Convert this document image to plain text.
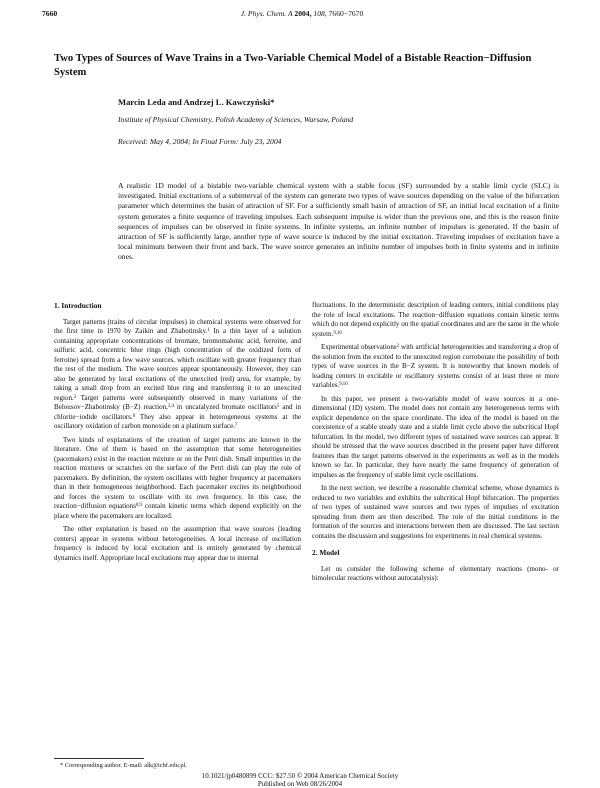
7660	J. Phys. Chem. A 2004, 108, 7660−7670
Two Types of Sources of Wave Trains in a Two-Variable Chemical Model of a Bistable Reaction−Diffusion System
Marcin Leda and Andrzej L. Kawczyński*
Institute of Physical Chemistry, Polish Academy of Sciences, Warsaw, Poland
Received: May 4, 2004; In Final Form: July 23, 2004
A realistic 1D model of a bistable two-variable chemical system with a stable focus (SF) surrounded by a stable limit cycle (SLC) is investigated. Initial excitations of a subinterval of the system can generate two types of wave sources depending on the value of the bifurcation parameter which determines the basin of attraction of SF. For a sufficiently small basin of attraction of SF, an initial local excitation of a finite system generates a finite sequence of traveling impulses. Each subsequent impulse is wider than the previous one, and this is the reason finite sequences of impulses can be observed in finite systems. In infinite systems, an infinite number of impulses is generated. If the basin of attraction of SF is sufficiently large, another type of wave source is induced by the initial excitation. Traveling impulses of excitation have a local minimum between their front and back. The wave source generates an infinite number of impulses both in finite systems and in infinite ones.
1. Introduction

Target patterns (trains of circular impulses) in chemical systems were observed for the first time in 1970 by Zaikin and Zhabotinsky.$^1$ In a thin layer of a solution containing appropriate concentrations of bromate, bromomalonic acid, ferroine, and sulfuric acid, concentric blue rings (high concentration of the oxidized form of ferroine) spread from a few wave sources, which oscillate with greater frequency than the rest of the medium. The wave sources appear spontaneously. However, they can also be generated by local excitations of the unexcited (red) area, for example, by taking a small drop from an excited blue ring and transferring it to an unexcited region.$^2$ Target patterns were subsequently observed in many variations of the Belousov−Zhabotinsky (B−Z) reaction,$^{3,4}$ in uncatalyzed bromate oscillators$^5$ and in chlorite−iodide oscillators.$^6$ They also appear in heterogeneous systems at the oscillatory oxidation of carbon monoxide on a platinum surface.$^7$

Two kinds of explanations of the creation of target patterns are known in the literature. One of them is based on the assumption that some heterogeneities (pacemakers) exist in the reaction mixture or on the Petri dish. Small impurities in the reaction mixtures or scratches on the surface of the Petri dish can play the role of pacemakers. By definition, the system oscillates with higher frequency at pacemakers than in their homogeneous neighborhood. Each pacemaker excites its neighborhood and forces the system to oscillate with its own frequency. In this case, the reaction−diffusion equations$^{8,9}$ contain kinetic terms which depend explicitly on the place where the pacemakers are localized.

The other explanation is based on the assumption that wave sources (leading centers) appear in systems without heterogeneities. A local increase of oscillation frequency is induced by local excitation and is entirely generated by chemical dynamics itself. Appropriate local excitations may appear due to internal

fluctuations. In the deterministic description of leading centers, initial conditions play the role of local excitations. The reaction−diffusion equations contain kinetic terms which do not depend explicitly on the spatial coordinates and are the same in the whole system.$^{9,10}$

Experimental observations$^2$ with artificial heterogeneities and transferring a drop of the solution from the excited to the unexcited region corroborate the possibility of both types of wave sources in the B−Z system. It is noteworthy that known models of leading centers in excitable or oscillatory systems consist of at least three or more variables.$^{9,10}$

In this paper, we present a two-variable model of wave sources in a one-dimensional (1D) system. The model does not contain any heterogeneous terms with explicit dependence on the space coordinate. The idea of the model is based on the coexistence of a stable steady state and a stable limit cycle above the subcritical Hopf bifurcation. In the model, two different types of sustained wave sources can appear. It should be stressed that the wave sources described in the present paper have different features than the target patterns observed in the experiments as well as in the models known so far. In particular, they have nearly the same frequency of generation of impulses as the frequency of stable limit cycle oscillations.

In the next section, we describe a reasonable chemical scheme, whose dynamics is reduced to two variables and exhibits the subcritical Hopf bifurcation. The properties of two types of sustained wave sources and two types of impulses of excitation spreading from them are then described. The role of the initial conditions in the formation of the sources and interactions between them are discussed. The last section contains the discussion and suggestions for experiments in real chemical systems.

2. Model

Let us consider the following scheme of elementary reactions (mono- or bimolecular reactions without autocatalysis):

* Corresponding author. E-mail: alk@ichf.edu.pl.
10.1021/jp0480899 CCC: $27.50 © 2004 American Chemical Society
Published on Web 08/26/2004
